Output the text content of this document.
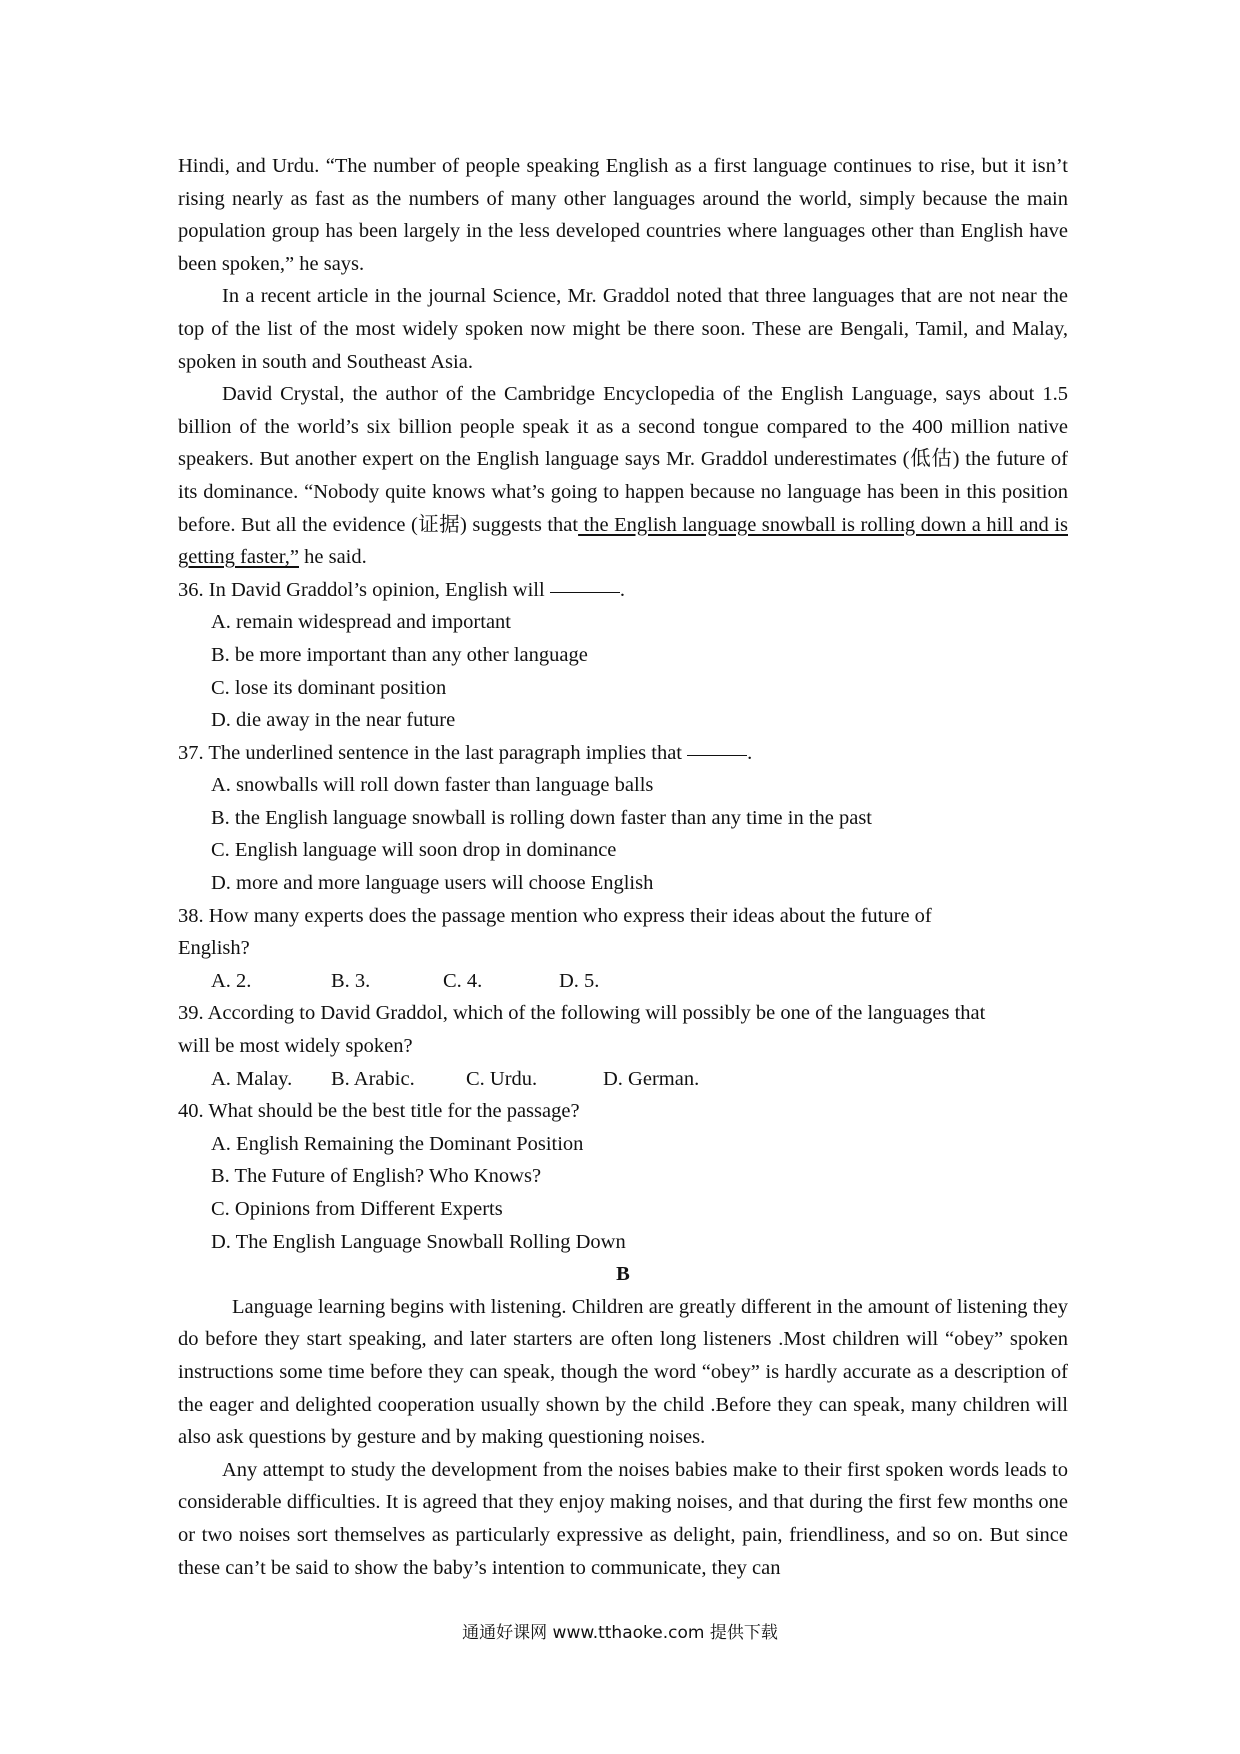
Hindi, and Urdu. “The number of people speaking English as a first language continues to rise, but it isn’t rising nearly as fast as the numbers of many other languages around the world, simply because the main population group has been largely in the less developed countries where languages other than English have been spoken,” he says.

In a recent article in the journal Science, Mr. Graddol noted that three languages that are not near the top of the list of the most widely spoken now might be there soon. These are Bengali, Tamil, and Malay, spoken in south and Southeast Asia.

David Crystal, the author of the Cambridge Encyclopedia of the English Language, says about 1.5 billion of the world’s six billion people speak it as a second tongue compared to the 400 million native speakers. But another expert on the English language says Mr. Graddol underestimates (低估) the future of its dominance. “Nobody quite knows what’s going to happen because no language has been in this position before. But all the evidence (证据) suggests that the English language snowball is rolling down a hill and is getting faster,” he said.

36. In David Graddol’s opinion, English will	.

A. remain widespread and important

B. be more important than any other language

C. lose its dominant position

D. die away in the near future

37. The underlined sentence in the last paragraph implies that	.

A. snowballs will roll down faster than language balls

B. the English language snowball is rolling down faster than any time in the past

C. English language will soon drop in dominance

D. more and more language users will choose English

38. How many experts does the passage mention who express their ideas about the future of

English?

A. 2.	B. 3.	C. 4.	D. 5.

39. According to David Graddol, which of the following will possibly be one of the languages that

will be most widely spoken?

A. Malay.	B. Arabic.	C. Urdu.	D. German.

40. What should be the best title for the passage?

A. English Remaining the Dominant Position

B. The Future of English? Who Knows?

C. Opinions from Different Experts

D. The English Language Snowball Rolling Down

B

Language learning begins with listening. Children are greatly different in the amount of listening they do before they start speaking, and later starters are often long listeners .Most children will “obey” spoken instructions some time before they can speak, though the word “obey” is hardly accurate as a description of the eager and delighted cooperation usually shown by the child .Before they can speak, many children will also ask questions by gesture and by making questioning noises.

Any attempt to study the development from the noises babies make to their first spoken words leads to considerable difficulties. It is agreed that they enjoy making noises, and that during the first few months one or two noises sort themselves as particularly expressive as delight, pain, friendliness, and so on. But since these can’t be said to show the baby’s intention to communicate, they can

通通好课网 www.tthaoke.com 提供下载
